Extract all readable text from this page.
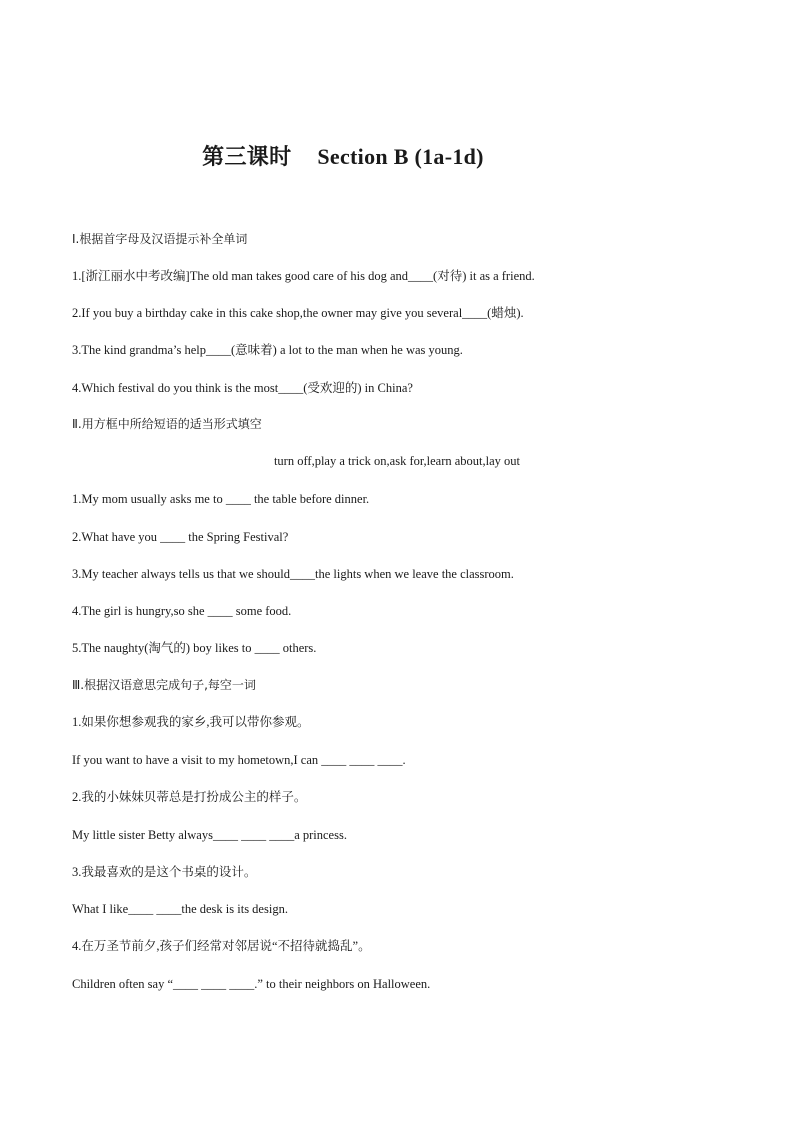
第三课时 Section B (1a-1d)
Ⅰ.根据首字母及汉语提示补全单词
1.[浙江丽水中考改编]The old man takes good care of his dog and____(对待) it as a friend.
2.If you buy a birthday cake in this cake shop,the owner may give you several____(蜡烛).
3.The kind grandma’s help____(意味着) a lot to the man when he was young.
4.Which festival do you think is the most____(受欢迎的) in China?
Ⅱ.用方框中所给短语的适当形式填空
turn off,play a trick on,ask for,learn about,lay out
1.My mom usually asks me to ____ the table before dinner.
2.What have you ____ the Spring Festival?
3.My teacher always tells us that we should____the lights when we leave the classroom.
4.The girl is hungry,so she ____ some food.
5.The naughty(淘气的) boy likes to ____ others.
Ⅲ.根据汉语意思完成句子,每空一词
1.如果你想参观我的家乡,我可以带你参观。
If you want to have a visit to my hometown,I can ____ ____ ____.
2.我的小妹妹贝蒂总是打扮成公主的样子。
My little sister Betty always____ ____ ____a princess.
3.我最喜欢的是这个书桌的设计。
What I like____ ____the desk is its design.
4.在万圣节前夕,孩子们经常对邻居说“不招待就捣乱”。
Children often say “____ ____ ____.” to their neighbors on Halloween.
